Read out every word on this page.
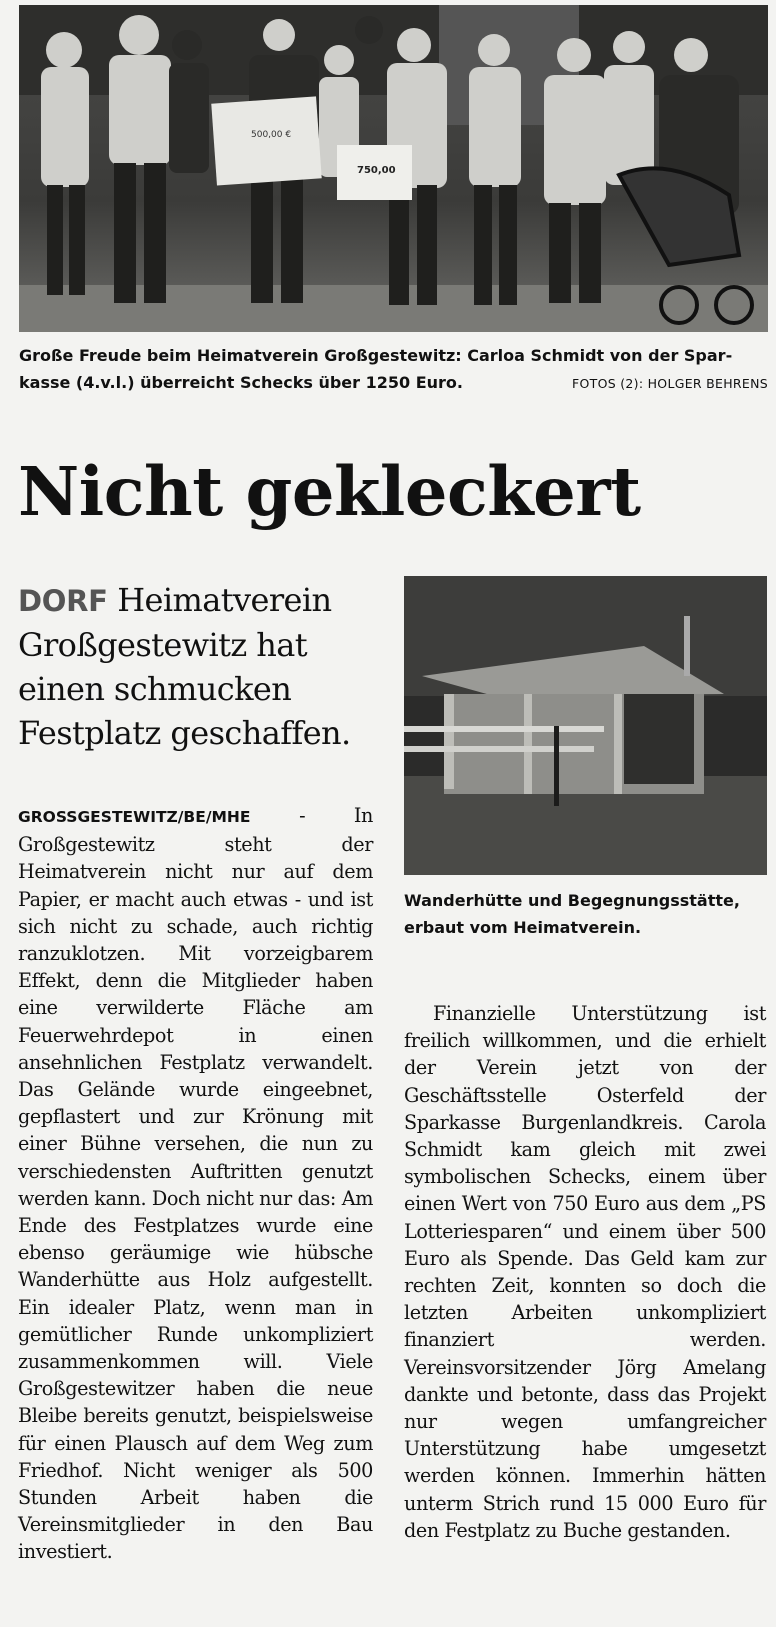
500,00 €
750,00
Große Freude beim Heimatverein Großgestewitz: Carloa Schmidt von der Spar-
kasse (4.v.l.) überreicht Schecks über 1250 Euro.	FOTOS (2): HOLGER BEHRENS
Nicht gekleckert

DORF Heimatverein Großgestewitz hat einen schmucken Festplatz geschaffen.

Wanderhütte und Begegnungsstätte,
erbaut vom Heimatverein.

GROSSGESTEWITZ/BE/MHE - In Großgestewitz steht der Heimatverein nicht nur auf dem Papier, er macht auch etwas - und ist sich nicht zu schade, auch richtig ranzuklotzen. Mit vorzeigbarem Effekt, denn die Mitglieder haben eine verwilderte Fläche am Feuerwehrdepot in einen ansehnlichen Festplatz verwandelt. Das Gelände wurde eingeebnet, gepflastert und zur Krönung mit einer Bühne versehen, die nun zu verschiedensten Auftritten genutzt werden kann. Doch nicht nur das: Am Ende des Festplatzes wurde eine ebenso geräumige wie hübsche Wanderhütte aus Holz aufgestellt. Ein idealer Platz, wenn man in gemütlicher Runde unkompliziert zusammenkommen will. Viele Großgestewitzer haben die neue Bleibe bereits genutzt, beispielsweise für einen Plausch auf dem Weg zum Friedhof. Nicht weniger als 500 Stunden Arbeit haben die Vereinsmitglieder in den Bau investiert.

Finanzielle Unterstützung ist freilich willkommen, und die erhielt der Verein jetzt von der Geschäftsstelle Osterfeld der Sparkasse Burgenlandkreis. Carola Schmidt kam gleich mit zwei symbolischen Schecks, einem über einen Wert von 750 Euro aus dem „PS Lotteriesparen“ und einem über 500 Euro als Spende. Das Geld kam zur rechten Zeit, konnten so doch die letzten Arbeiten unkompliziert finanziert werden. Vereinsvorsitzender Jörg Amelang dankte und betonte, dass das Projekt nur wegen umfangreicher Unterstützung habe umgesetzt werden können. Immerhin hätten unterm Strich rund 15 000 Euro für den Festplatz zu Buche gestanden.
